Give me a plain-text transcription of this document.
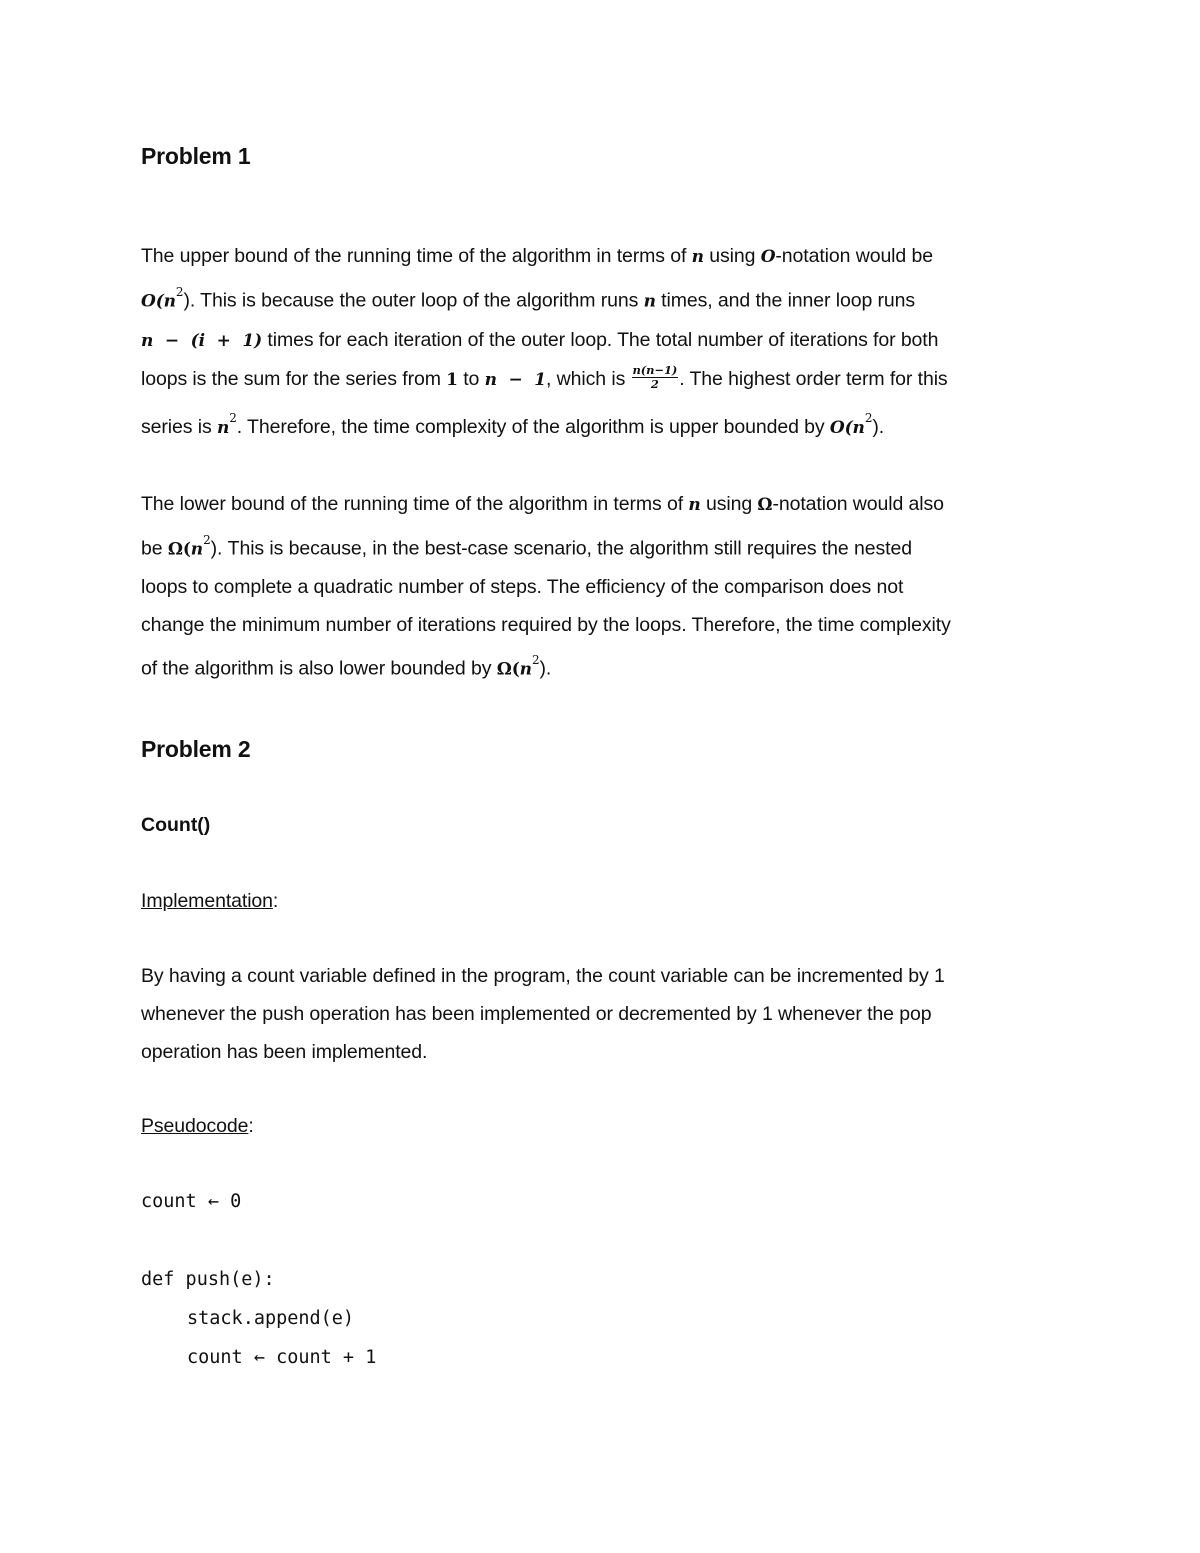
Problem 1

The upper bound of the running time of the algorithm in terms of n using O-notation would be
$O(n^2)$. This is because the outer loop of the algorithm runs n times, and the inner loop runs
n  −  (i  +  1) times for each iteration of the outer loop. The total number of iterations for both
loops is the sum for the series from 1 to n  −  1, which is $\frac{n(n-1)}{2}$ . The highest order term for this
series is $n^2$. Therefore, the time complexity of the algorithm is upper bounded by $O(n^2)$.

The lower bound of the running time of the algorithm in terms of n using Ω-notation would also
be $\Omega(n^2)$. This is because, in the best-case scenario, the algorithm still requires the nested
loops to complete a quadratic number of steps. The efficiency of the comparison does not
change the minimum number of iterations required by the loops. Therefore, the time complexity
of the algorithm is also lower bounded by $\Omega(n^2)$.

Problem 2
Count()

Implementation:

By having a count variable defined in the program, the count variable can be incremented by 1
whenever the push operation has been implemented or decremented by 1 whenever the pop
operation has been implemented.

Pseudocode:

count ← 0
def push(e):
stack.append(e)
count ← count + 1
